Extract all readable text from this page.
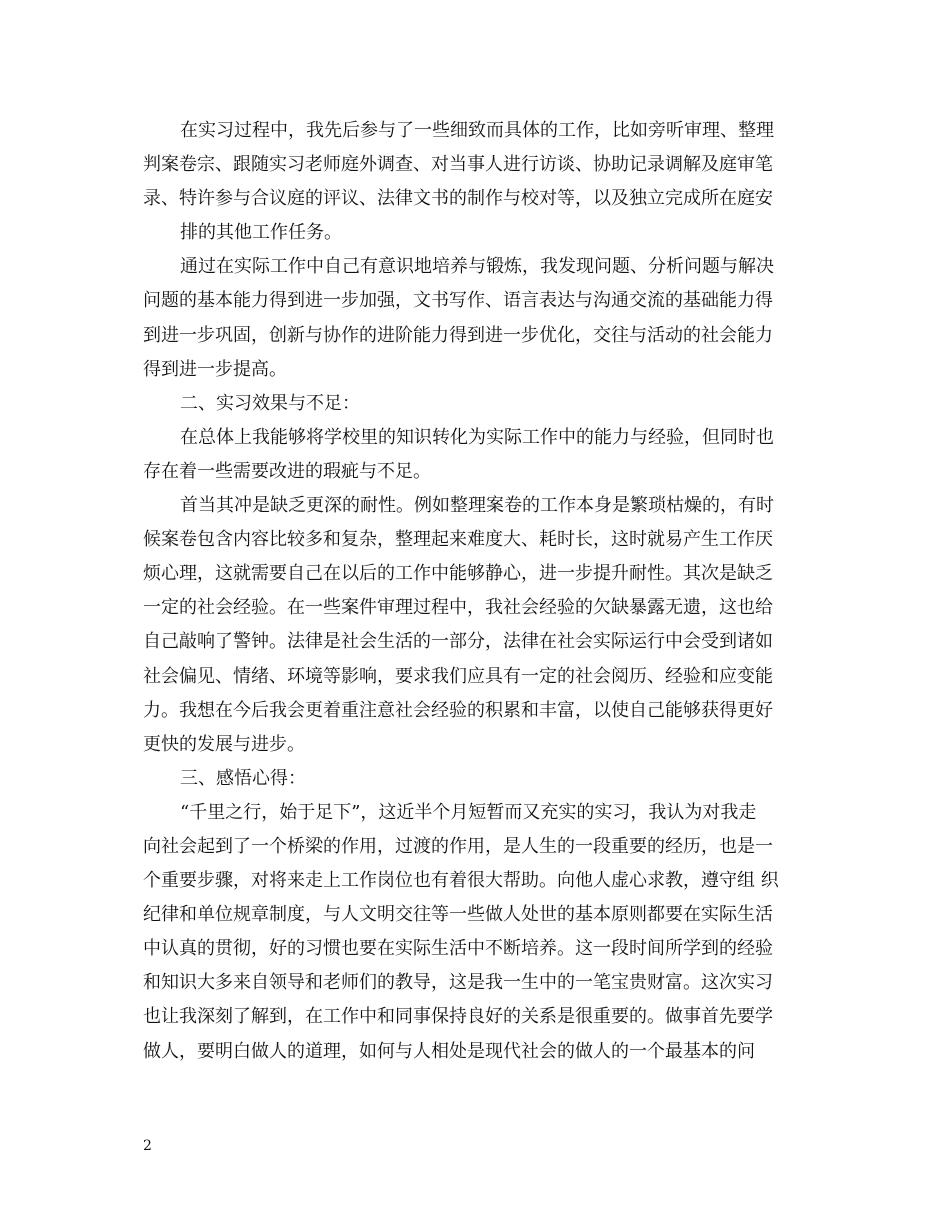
在实习过程中，我先后参与了一些细致而具体的工作，比如旁听审理、整理
判案卷宗、跟随实习老师庭外调查、对当事人进行访谈、协助记录调解及庭审笔
录、特许参与合议庭的评议、法律文书的制作与校对等，以及独立完成所在庭安
排的其他工作任务。
通过在实际工作中自己有意识地培养与锻炼，我发现问题、分析问题与解决
问题的基本能力得到进一步加强，文书写作、语言表达与沟通交流的基础能力得
到进一步巩固，创新与协作的进阶能力得到进一步优化，交往与活动的社会能力
得到进一步提高。
二、实习效果与不足：
在总体上我能够将学校里的知识转化为实际工作中的能力与经验，但同时也
存在着一些需要改进的瑕疵与不足。
首当其冲是缺乏更深的耐性。例如整理案卷的工作本身是繁琐枯燥的，有时
候案卷包含内容比较多和复杂，整理起来难度大、耗时长，这时就易产生工作厌
烦心理，这就需要自己在以后的工作中能够静心，进一步提升耐性。其次是缺乏
一定的社会经验。在一些案件审理过程中，我社会经验的欠缺暴露无遗，这也给
自己敲响了警钟。法律是社会生活的一部分，法律在社会实际运行中会受到诸如
社会偏见、情绪、环境等影响，要求我们应具有一定的社会阅历、经验和应变能
力。我想在今后我会更着重注意社会经验的积累和丰富，以使自己能够获得更好
更快的发展与进步。
三、感悟心得：
“千里之行，始于足下”，这近半个月短暂而又充实的实习，我认为对我走
向社会起到了一个桥梁的作用，过渡的作用，是人生的一段重要的经历，也是一
个重要步骤，对将来走上工作岗位也有着很大帮助。向他人虚心求教，遵守组 织
纪律和单位规章制度，与人文明交往等一些做人处世的基本原则都要在实际生活
中认真的贯彻，好的习惯也要在实际生活中不断培养。这一段时间所学到的经验
和知识大多来自领导和老师们的教导，这是我一生中的一笔宝贵财富。这次实习
也让我深刻了解到，在工作中和同事保持良好的关系是很重要的。做事首先要学
做人，要明白做人的道理，如何与人相处是现代社会的做人的一个最基本的问
2
